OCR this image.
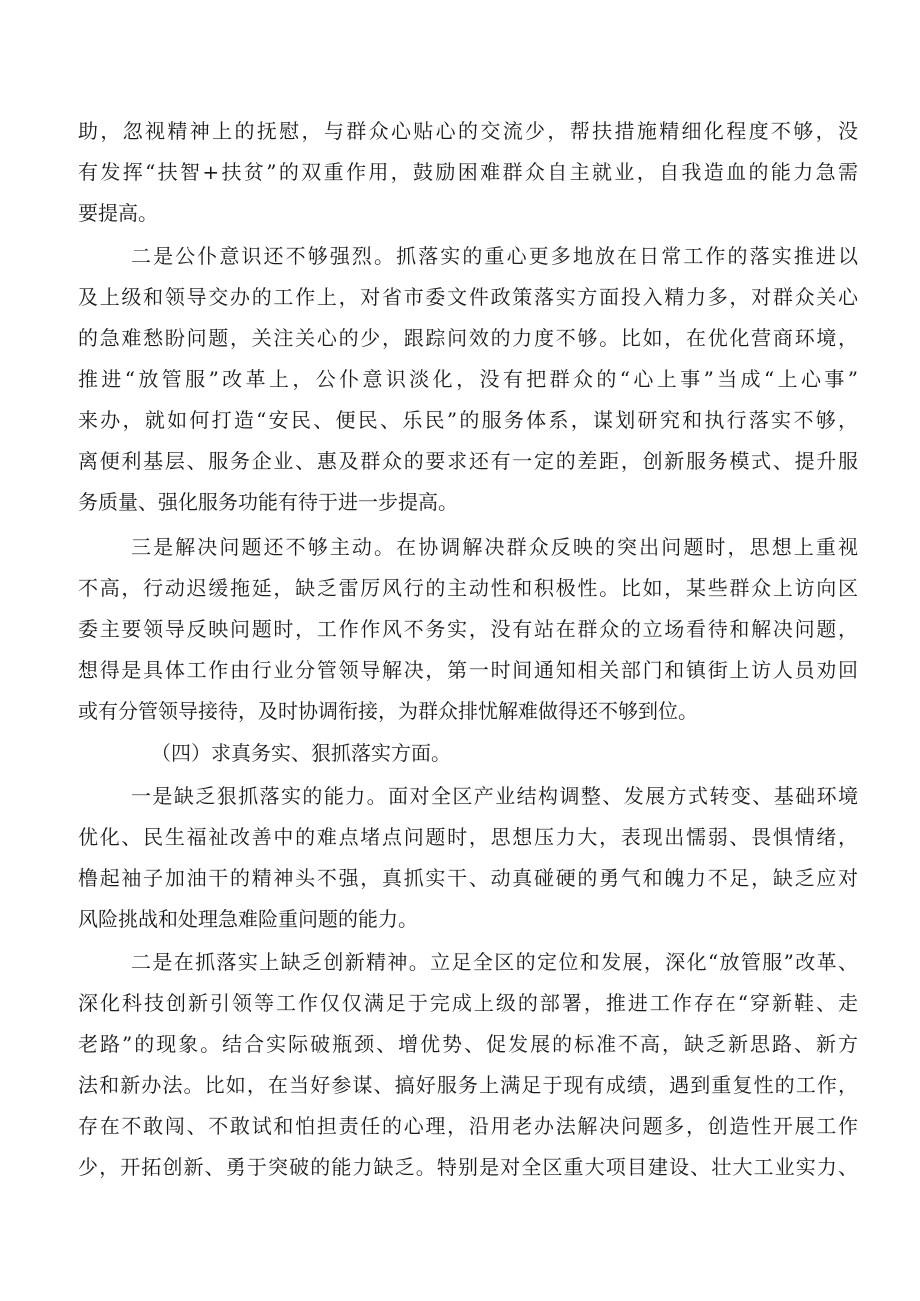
助，忽视精神上的抚慰，与群众心贴心的交流少，帮扶措施精细化程度不够，没
有发挥“扶智+扶贫”的双重作用，鼓励困难群众自主就业，自我造血的能力急需
要提高。
二是公仆意识还不够强烈。抓落实的重心更多地放在日常工作的落实推进以
及上级和领导交办的工作上，对省市委文件政策落实方面投入精力多，对群众关心
的急难愁盼问题，关注关心的少，跟踪问效的力度不够。比如，在优化营商环境，
推进“放管服”改革上，公仆意识淡化，没有把群众的“心上事”当成“上心事”
来办，就如何打造“安民、便民、乐民”的服务体系，谋划研究和执行落实不够，
离便利基层、服务企业、惠及群众的要求还有一定的差距，创新服务模式、提升服
务质量、强化服务功能有待于进一步提高。
三是解决问题还不够主动。在协调解决群众反映的突出问题时，思想上重视
不高，行动迟缓拖延，缺乏雷厉风行的主动性和积极性。比如，某些群众上访向区
委主要领导反映问题时，工作作风不务实，没有站在群众的立场看待和解决问题，
想得是具体工作由行业分管领导解决，第一时间通知相关部门和镇街上访人员劝回
或有分管领导接待，及时协调衔接，为群众排忧解难做得还不够到位。
（四）求真务实、狠抓落实方面。
一是缺乏狠抓落实的能力。面对全区产业结构调整、发展方式转变、基础环境
优化、民生福祉改善中的难点堵点问题时，思想压力大，表现出懦弱、畏惧情绪，
橹起袖子加油干的精神头不强，真抓实干、动真碰硬的勇气和魄力不足，缺乏应对
风险挑战和处理急难险重问题的能力。
二是在抓落实上缺乏创新精神。立足全区的定位和发展，深化“放管服”改革、
深化科技创新引领等工作仅仅满足于完成上级的部署，推进工作存在“穿新鞋、走
老路”的现象。结合实际破瓶颈、增优势、促发展的标准不高，缺乏新思路、新方
法和新办法。比如，在当好参谋、搞好服务上满足于现有成绩，遇到重复性的工作，
存在不敢闯、不敢试和怕担责任的心理，沿用老办法解决问题多，创造性开展工作
少，开拓创新、勇于突破的能力缺乏。特别是对全区重大项目建设、壮大工业实力、
